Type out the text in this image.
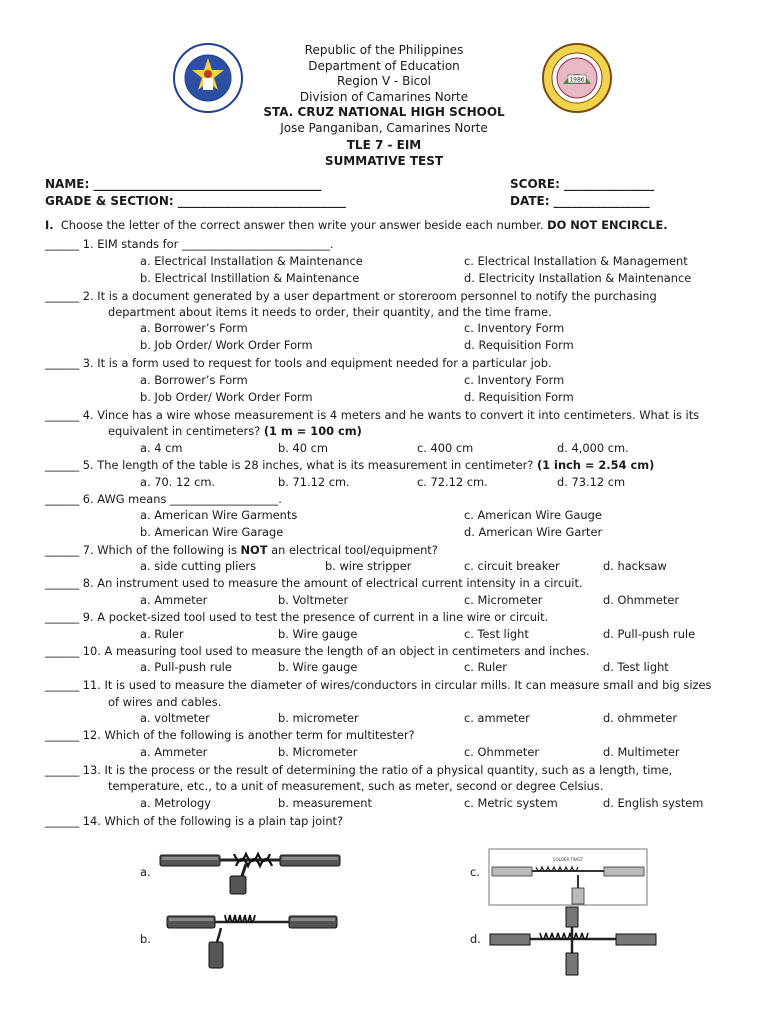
1986
Republic of the Philippines
Department of Education
Region V - Bicol
Division of Camarines Norte
STA. CRUZ NATIONAL HIGH SCHOOL
Jose Panganiban, Camarines Norte
TLE 7 - EIM
SUMMATIVE TEST
NAME: ______________________________________
GRADE & SECTION: ____________________________
SCORE: _______________
DATE: ________________
I. Choose the letter of the correct answer then write your answer beside each number. DO NOT ENCIRCLE.
______ 1. EIM stands for __________________________.
a. Electrical Installation & Maintenance	c. Electrical Installation & Management
b. Electrical Instillation & Maintenance	d. Electricity Installation & Maintenance
______ 2. It is a document generated by a user department or storeroom personnel to notify the purchasing
department about items it needs to order, their quantity, and the time frame.
a. Borrower’s Form	c. Inventory Form
b. Job Order/ Work Order Form	d. Requisition Form
______ 3. It is a form used to request for tools and equipment needed for a particular job.
a. Borrower’s Form	c. Inventory Form
b. Job Order/ Work Order Form	d. Requisition Form
______ 4. Vince has a wire whose measurement is 4 meters and he wants to convert it into centimeters. What is its
equivalent in centimeters? (1 m = 100 cm)
a. 4 cm	b. 40 cm	c. 400 cm	d. 4,000 cm.
______ 5. The length of the table is 28 inches, what is its measurement in centimeter? (1 inch = 2.54 cm)
a. 70. 12 cm.	b. 71.12 cm.	c. 72.12 cm.	d. 73.12 cm
______ 6. AWG means ___________________.
a. American Wire Garments	c. American Wire Gauge
b. American Wire Garage	d. American Wire Garter
______ 7. Which of the following is NOT an electrical tool/equipment?
a. side cutting pliers	b. wire stripper	c. circuit breaker	d. hacksaw
______ 8. An instrument used to measure the amount of electrical current intensity in a circuit.
a. Ammeter	b. Voltmeter	c. Micrometer	d. Ohmmeter
______ 9. A pocket-sized tool used to test the presence of current in a line wire or circuit.
a. Ruler	b. Wire gauge	c. Test light	d. Pull-push rule
______ 10. A measuring tool used to measure the length of an object in centimeters and inches.
a. Pull-push rule	b. Wire gauge	c. Ruler	d. Test light
______ 11. It is used to measure the diameter of wires/conductors in circular mills. It can measure small and big sizes
of wires and cables.
a. voltmeter	b. micrometer	c. ammeter	d. ohmmeter
______ 12. Which of the following is another term for multitester?
a. Ammeter	b. Micrometer	c. Ohmmeter	d. Multimeter
______ 13. It is the process or the result of determining the ratio of a physical quantity, such as a length, time,
temperature, etc., to a unit of measurement, such as meter, second or degree Celsius.
a. Metrology	b. measurement	c. Metric system	d. English system
______ 14. Which of the following is a plain tap joint?
a.	c.
b.	d.
SOLDER TWIST
